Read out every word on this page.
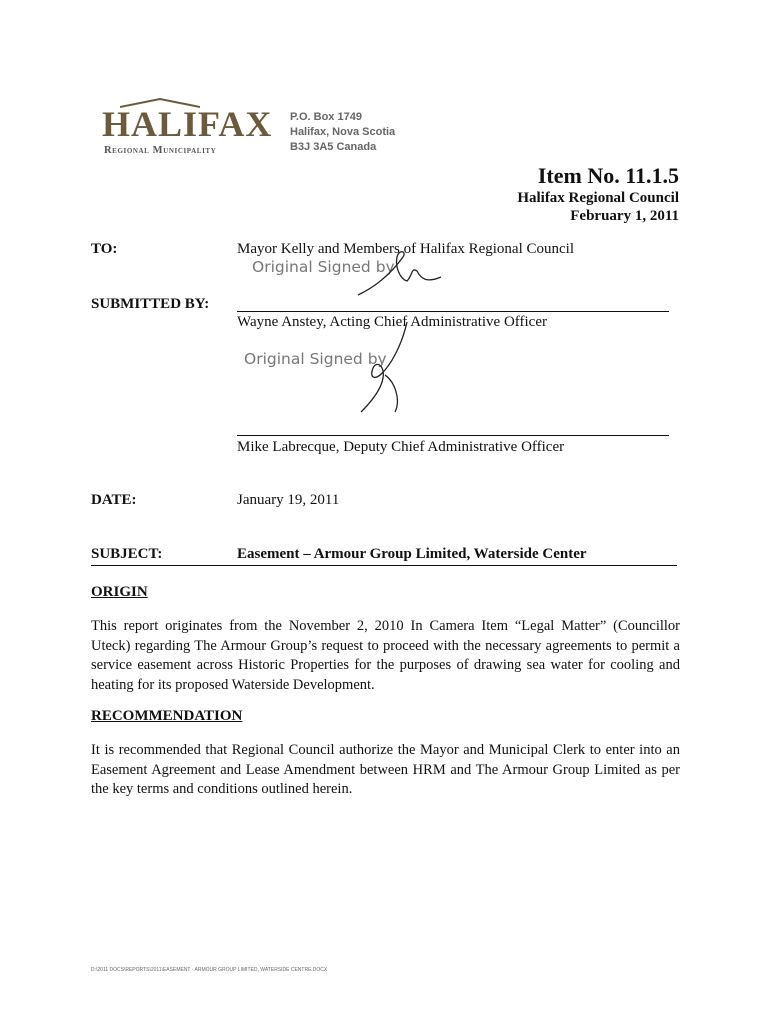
HALIFAX
Regional Municipality
P.O. Box 1749
Halifax, Nova Scotia
B3J 3A5 Canada
Item No. 11.1.5
Halifax Regional Council
February 1, 2011
TO:	Mayor Kelly and Members of Halifax Regional Council
Original Signed by
SUBMITTED BY:
Wayne Anstey, Acting Chief Administrative Officer
Original Signed by
Mike Labrecque, Deputy Chief Administrative Officer
DATE:	January 19, 2011
SUBJECT:	Easement – Armour Group Limited, Waterside Center
ORIGIN
This report originates from the November 2, 2010 In Camera Item “Legal Matter” (Councillor Uteck) regarding The Armour Group’s request to proceed with the necessary agreements to permit a service easement across Historic Properties for the purposes of drawing sea water for cooling and heating for its proposed Waterside Development.
RECOMMENDATION
It is recommended that Regional Council authorize the Mayor and Municipal Clerk to enter into an Easement Agreement and Lease Amendment between HRM and The Armour Group Limited as per the key terms and conditions outlined herein.
D:\2011 DOCS\REPORTS\2011\EASEMENT - ARMOUR GROUP LIMITED, WATERSIDE CENTRE.DOCX
